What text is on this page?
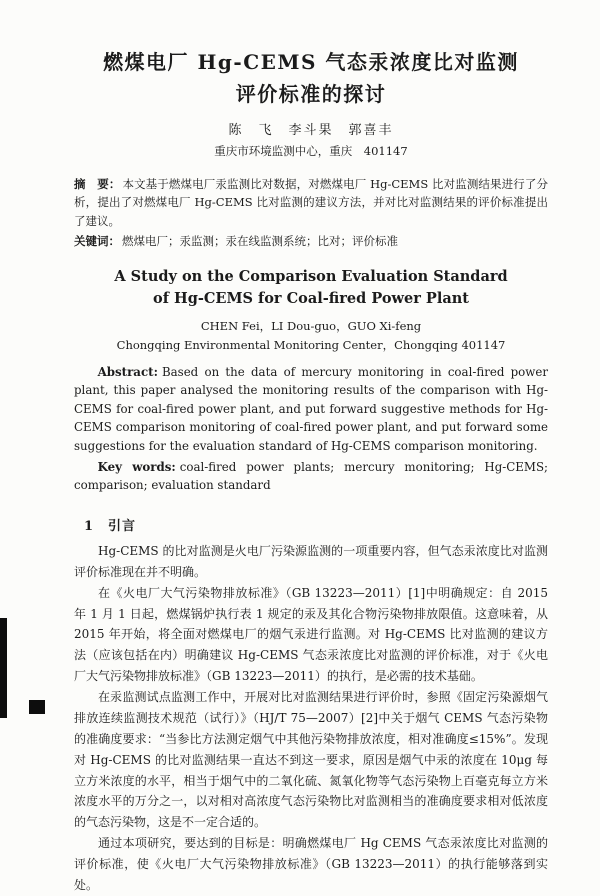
燃煤电厂 Hg-CEMS 气态汞浓度比对监测
评价标准的探讨
陈　飞　李斗果　郭喜丰
重庆市环境监测中心，重庆　401147

摘　要： 本文基于燃煤电厂汞监测比对数据，对燃煤电厂 Hg-CEMS 比对监测结果进行了分析，提出了对燃煤电厂 Hg-CEMS 比对监测的建议方法，并对比对监测结果的评价标准提出了建议。

关键词： 燃煤电厂；汞监测；汞在线监测系统；比对；评价标准

A Study on the Comparison Evaluation Standard
of Hg-CEMS for Coal-fired Power Plant
CHEN Fei，LI Dou-guo，GUO Xi-feng
Chongqing Environmental Monitoring Center，Chongqing 401147

Abstract: Based on the data of mercury monitoring in coal-fired power plant, this paper analysed the monitoring results of the comparison with Hg-CEMS for coal-fired power plant, and put forward suggestive methods for Hg-CEMS comparison monitoring of coal-fired power plant, and put forward some suggestions for the evaluation standard of Hg-CEMS comparison monitoring.

Key words: coal-fired power plants; mercury monitoring; Hg-CEMS; comparison; evaluation standard

1　引言

Hg-CEMS 的比对监测是火电厂污染源监测的一项重要内容，但气态汞浓度比对监测评价标准现在并不明确。

在《火电厂大气污染物排放标准》（GB 13223—2011）[1]中明确规定：自 2015 年 1 月 1 日起，燃煤锅炉执行表 1 规定的汞及其化合物污染物排放限值。这意味着，从 2015 年开始，将全面对燃煤电厂的烟气汞进行监测。对 Hg-CEMS 比对监测的建议方法（应该包括在内）明确建议 Hg-CEMS 气态汞浓度比对监测的评价标准，对于《火电厂大气污染物排放标准》（GB 13223—2011）的执行，是必需的技术基础。

在汞监测试点监测工作中，开展对比对监测结果进行评价时，参照《固定污染源烟气排放连续监测技术规范（试行）》（HJ/T 75—2007）[2]中关于烟气 CEMS 气态污染物的准确度要求：“当参比方法测定烟气中其他污染物排放浓度，相对准确度≤15%”。发现对 Hg-CEMS 的比对监测结果一直达不到这一要求，原因是烟气中汞的浓度在 10μg 每立方米浓度的水平，相当于烟气中的二氧化硫、氮氧化物等气态污染物上百毫克每立方米浓度水平的万分之一，以对相对高浓度气态污染物比对监测相当的准确度要求相对低浓度的气态污染物，这是不一定合适的。

通过本项研究，要达到的目标是：明确燃煤电厂 Hg CEMS 气态汞浓度比对监测的评价标准，使《火电厂大气污染物排放标准》（GB 13223—2011）的执行能够落到实处。
